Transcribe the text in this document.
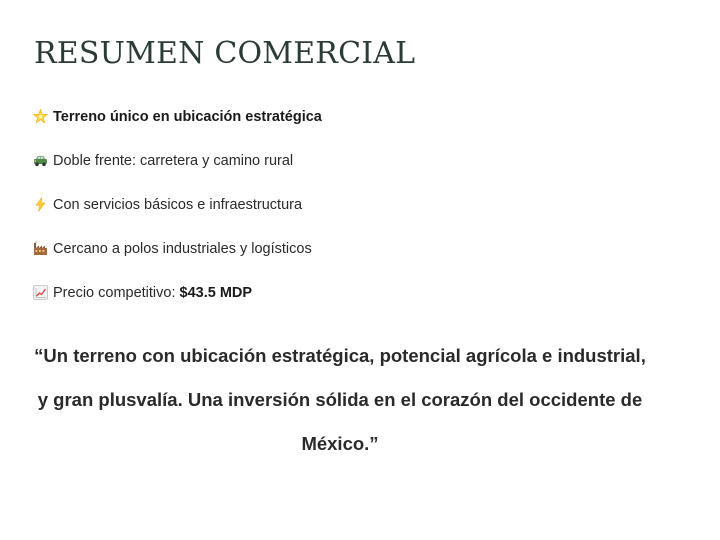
RESUMEN COMERCIAL
Terreno único en ubicación estratégica
Doble frente: carretera y camino rural
Con servicios básicos e infraestructura
Cercano a polos industriales y logísticos
Precio competitivo: $43.5 MDP

“Un terreno con ubicación estratégica, potencial agrícola e industrial, y gran plusvalía. Una inversión sólida en el corazón del occidente de México.”
